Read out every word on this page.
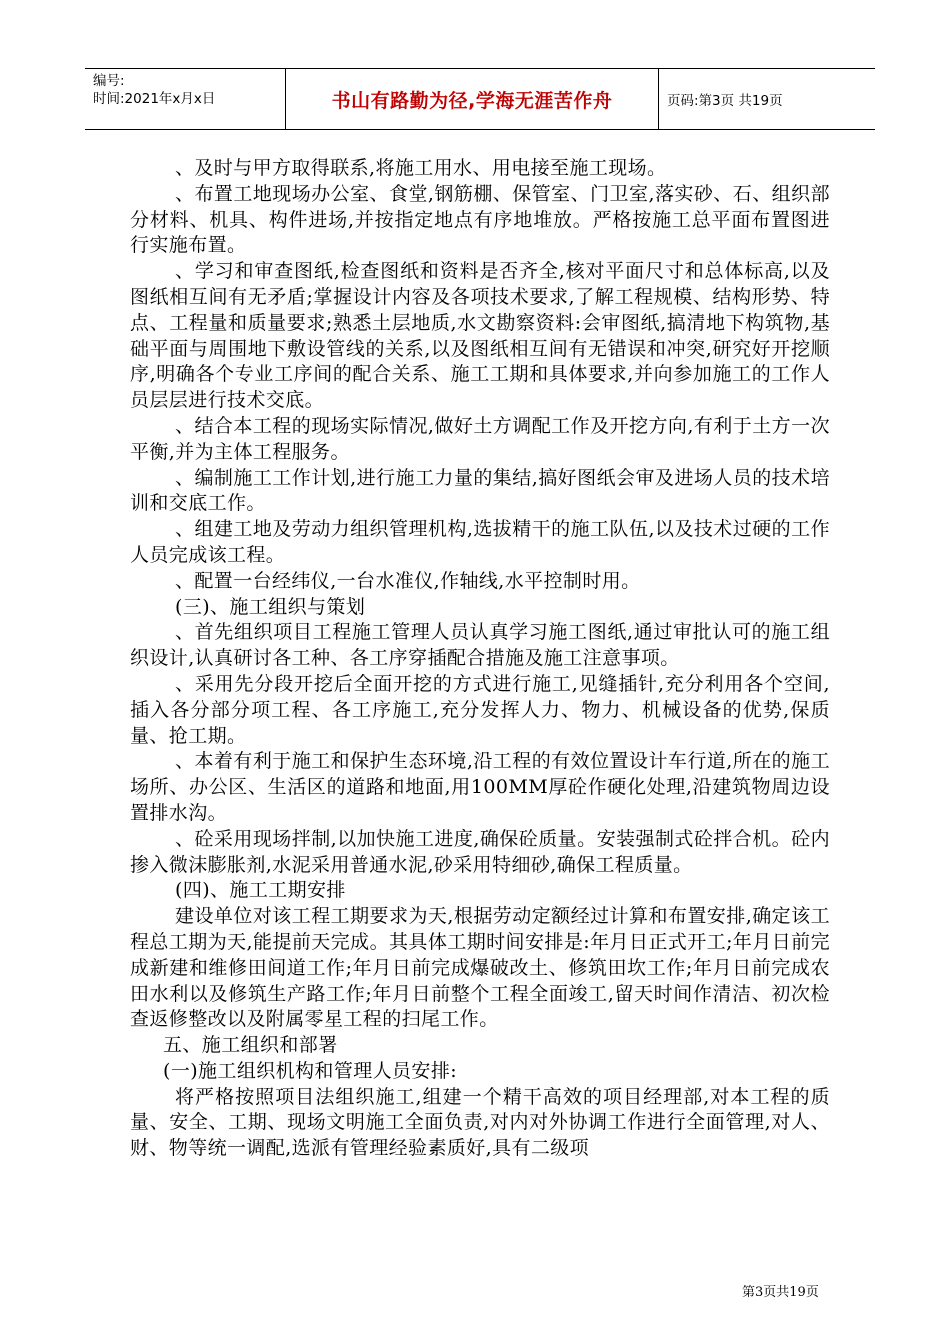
编号:
时间:2021年x月x日	书山有路勤为径,学海无涯苦作舟	页码:第3页 共19页

、及时与甲方取得联系,将施工用水、用电接至施工现场。

、布置工地现场办公室、食堂,钢筋棚、保管室、门卫室,落实砂、石、组织部分材料、机具、构件进场,并按指定地点有序地堆放。严格按施工总平面布置图进行实施布置。

、学习和审查图纸,检查图纸和资料是否齐全,核对平面尺寸和总体标高,以及图纸相互间有无矛盾;掌握设计内容及各项技术要求,了解工程规模、结构形势、特点、工程量和质量要求;熟悉土层地质,水文勘察资料:会审图纸,搞清地下构筑物,基础平面与周围地下敷设管线的关系,以及图纸相互间有无错误和冲突,研究好开挖顺序,明确各个专业工序间的配合关系、施工工期和具体要求,并向参加施工的工作人员层层进行技术交底。

、结合本工程的现场实际情况,做好土方调配工作及开挖方向,有利于土方一次平衡,并为主体工程服务。

、编制施工工作计划,进行施工力量的集结,搞好图纸会审及进场人员的技术培训和交底工作。

、组建工地及劳动力组织管理机构,选拔精干的施工队伍,以及技术过硬的工作人员完成该工程。

、配置一台经纬仪,一台水准仪,作轴线,水平控制时用。

(三)、施工组织与策划

、首先组织项目工程施工管理人员认真学习施工图纸,通过审批认可的施工组织设计,认真研讨各工种、各工序穿插配合措施及施工注意事项。

、采用先分段开挖后全面开挖的方式进行施工,见缝插针,充分利用各个空间,插入各分部分项工程、各工序施工,充分发挥人力、物力、机械设备的优势,保质量、抢工期。

、本着有利于施工和保护生态环境,沿工程的有效位置设计车行道,所在的施工场所、办公区、生活区的道路和地面,用100MM厚砼作硬化处理,沿建筑物周边设置排水沟。

、砼采用现场拌制,以加快施工进度,确保砼质量。安装强制式砼拌合机。砼内掺入微沫膨胀剂,水泥采用普通水泥,砂采用特细砂,确保工程质量。

(四)、施工工期安排

建设单位对该工程工期要求为天,根据劳动定额经过计算和布置安排,确定该工程总工期为天,能提前天完成。其具体工期时间安排是:年月日正式开工;年月日前完成新建和维修田间道工作;年月日前完成爆破改土、修筑田坎工作;年月日前完成农田水利以及修筑生产路工作;年月日前整个工程全面竣工,留天时间作清洁、初次检查返修整改以及附属零星工程的扫尾工作。

五、施工组织和部署

(一)施工组织机构和管理人员安排:

将严格按照项目法组织施工,组建一个精干高效的项目经理部,对本工程的质量、安全、工期、现场文明施工全面负责,对内对外协调工作进行全面管理,对人、财、物等统一调配,选派有管理经验素质好,具有二级项

第3页共19页
